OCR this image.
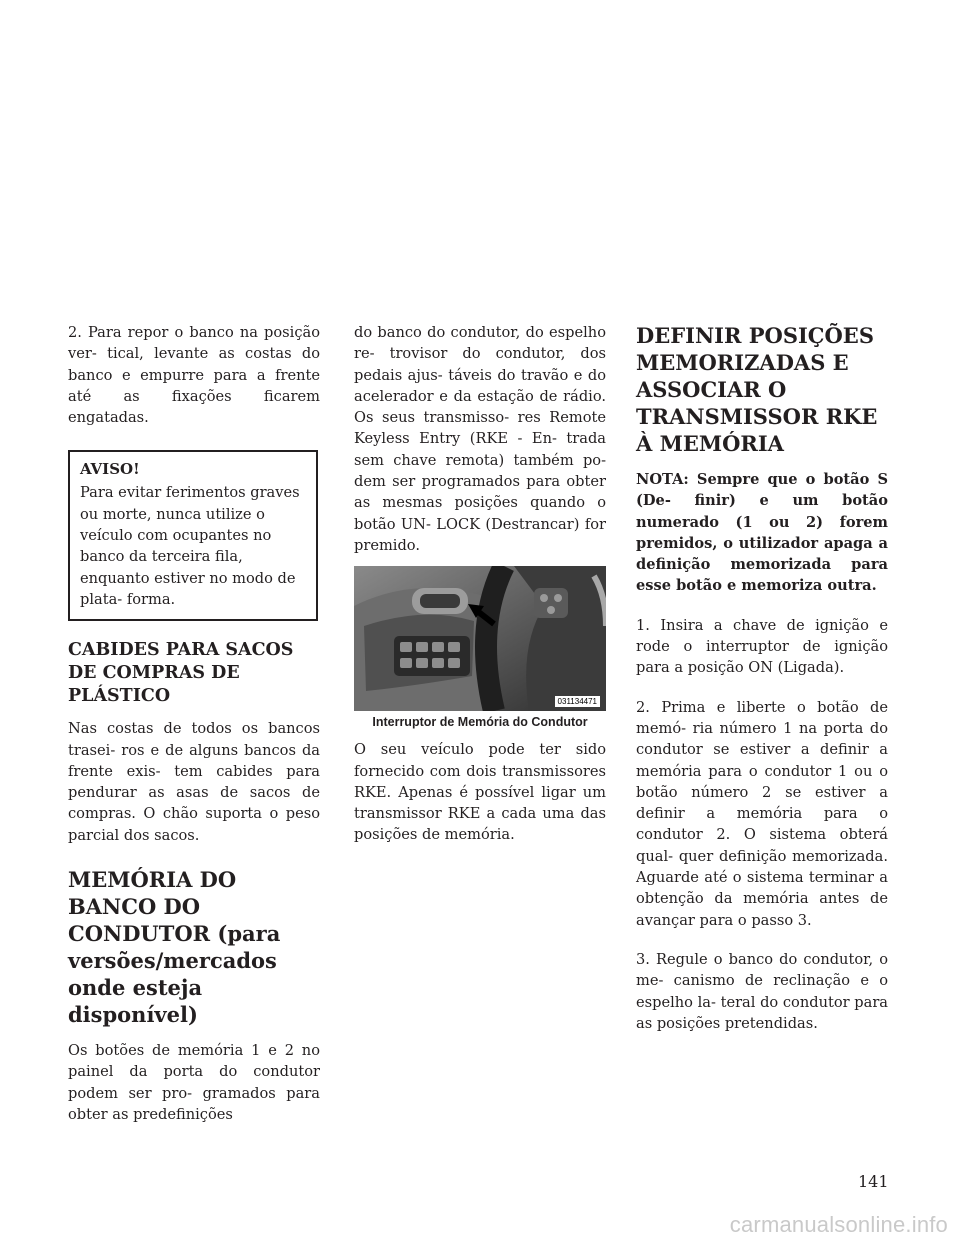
2. Para repor o banco na posição ver- tical, levante as costas do banco e empurre para a frente até as fixações ficarem engatadas.

AVISO!

Para evitar ferimentos graves ou morte, nunca utilize o veículo com ocupantes no banco da terceira fila, enquanto estiver no modo de plata- forma.

CABIDES PARA SACOS DE COMPRAS DE PLÁSTICO

Nas costas de todos os bancos trasei- ros e de alguns bancos da frente exis- tem cabides para pendurar as asas de sacos de compras. O chão suporta o peso parcial dos sacos.

MEMÓRIA DO BANCO DO CONDUTOR (para versões/mercados onde esteja disponível)

Os botões de memória 1 e 2 no painel da porta do condutor podem ser pro- gramados para obter as predefinições

do banco do condutor, do espelho re- trovisor do condutor, dos pedais ajus- táveis do travão e do acelerador e da estação de rádio. Os seus transmisso- res Remote Keyless Entry (RKE - En- trada sem chave remota) também po- dem ser programados para obter as mesmas posições quando o botão UN- LOCK (Destrancar) for premido.

031134471
Interruptor de Memória do Condutor

O seu veículo pode ter sido fornecido com dois transmissores RKE. Apenas é possível ligar um transmissor RKE a cada uma das posições de memória.

DEFINIR POSIÇÕES MEMORIZADAS E ASSOCIAR O TRANSMISSOR RKE À MEMÓRIA

NOTA: Sempre que o botão S (De- finir) e um botão numerado (1 ou 2) forem premidos, o utilizador apaga a definição memorizada para esse botão e memoriza outra.

1. Insira a chave de ignição e rode o interruptor de ignição para a posição ON (Ligada).

2. Prima e liberte o botão de memó- ria número 1 na porta do condutor se estiver a definir a memória para o condutor 1 ou o botão número 2 se estiver a definir a memória para o condutor 2. O sistema obterá qual- quer definição memorizada. Aguarde até o sistema terminar a obtenção da memória antes de avançar para o passo 3.

3. Regule o banco do condutor, o me- canismo de reclinação e o espelho la- teral do condutor para as posições pretendidas.

141
carmanualsonline.info
